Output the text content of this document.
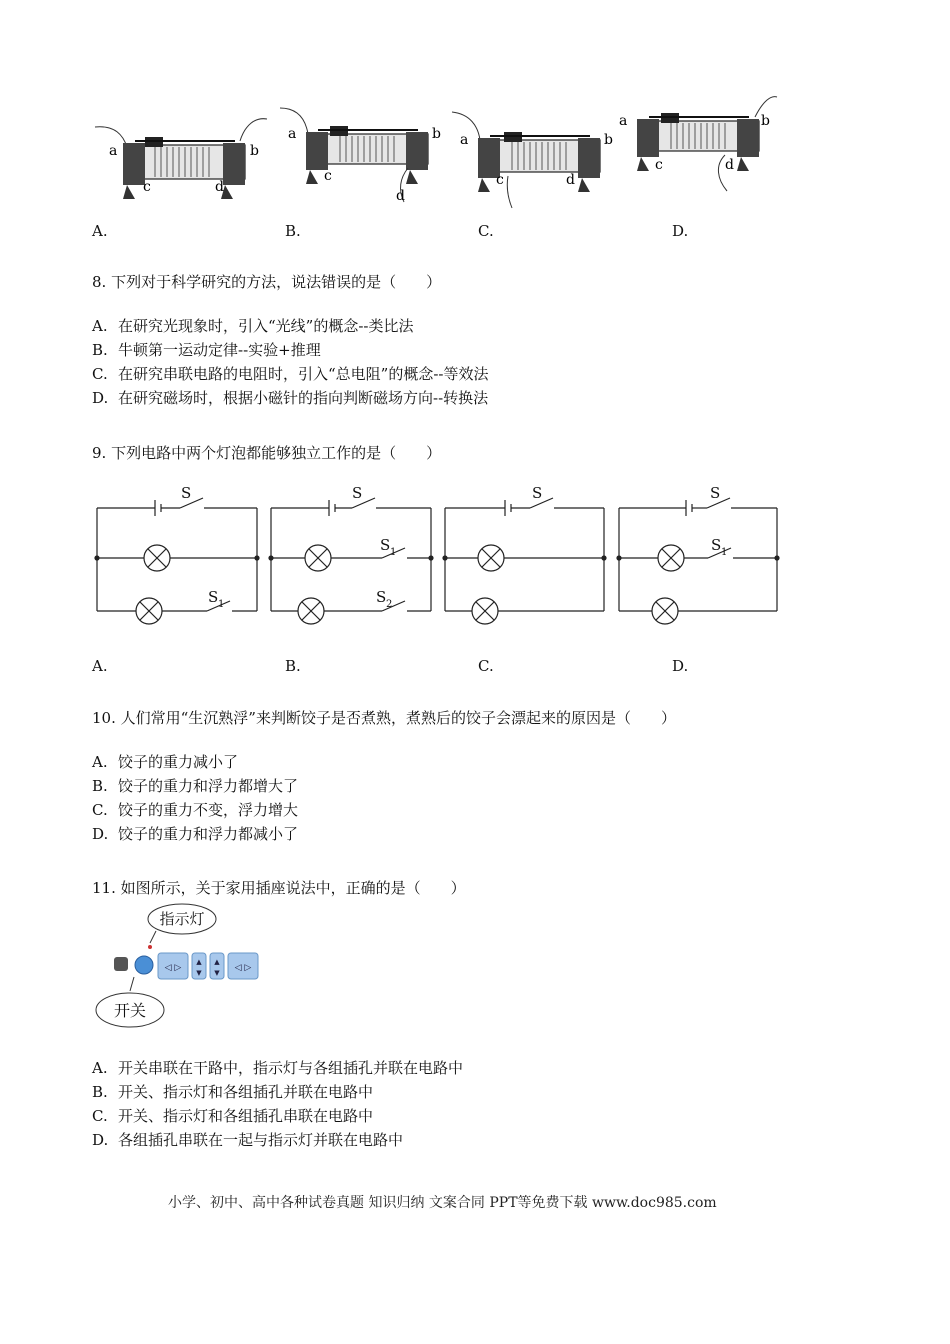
a	b
c	d
a	b
c
d
a	b
c	d
a	b
c	d
A.	B.	C.	D.
8. 下列对于科学研究的方法，说法错误的是（　　）
A. 在研究光现象时，引入“光线”的概念--类比法
B. 牛顿第一运动定律--实验+推理
C. 在研究串联电路的电阻时，引入“总电阻”的概念--等效法
D. 在研究磁场时，根据小磁针的指向判断磁场方向--转换法
9. 下列电路中两个灯泡都能够独立工作的是（　　）
S
S 1
S
S 1
S 2
S	S
S 1
A.	B.	C.	D.
10. 人们常用“生沉熟浮”来判断饺子是否煮熟，煮熟后的饺子会漂起来的原因是（　　）
A. 饺子的重力减小了
B. 饺子的重力和浮力都增大了
C. 饺子的重力不变，浮力增大
D. 饺子的重力和浮力都减小了
11. 如图所示，关于家用插座说法中，正确的是（　　）
指示灯
◁ ▷
▲
▼
▲
▼ ◁ ▷
开关
A. 开关串联在干路中，指示灯与各组插孔并联在电路中
B. 开关、指示灯和各组插孔并联在电路中
C. 开关、指示灯和各组插孔串联在电路中
D. 各组插孔串联在一起与指示灯并联在电路中
小学、初中、高中各种试卷真题 知识归纳 文案合同 PPT等免费下载 www.doc985.com
